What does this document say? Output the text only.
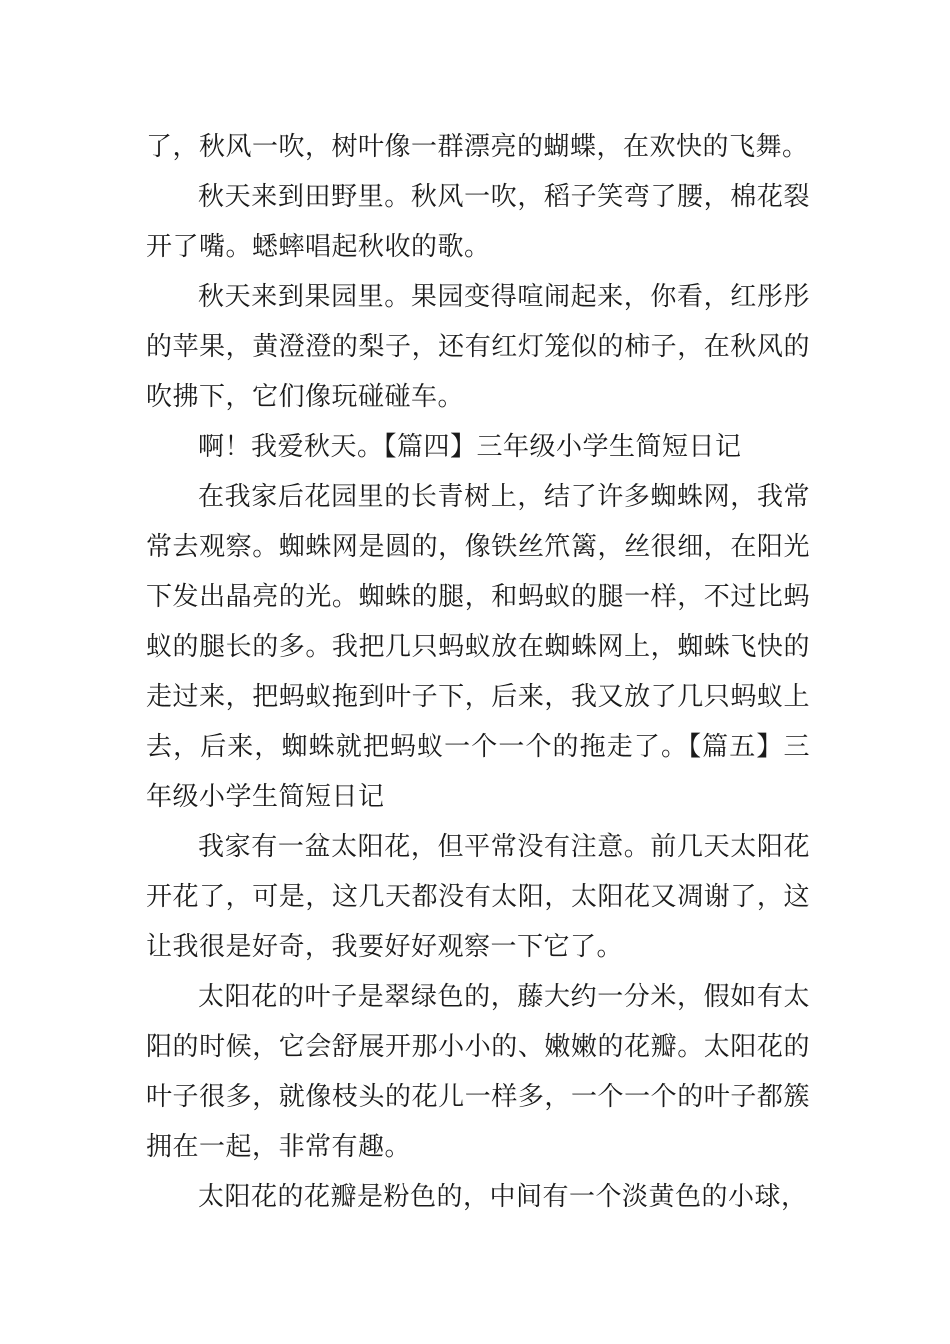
了，秋风一吹，树叶像一群漂亮的蝴蝶，在欢快的飞舞。

秋天来到田野里。秋风一吹，稻子笑弯了腰，棉花裂开了嘴。蟋蟀唱起秋收的歌。

秋天来到果园里。果园变得喧闹起来，你看，红彤彤的苹果，黄澄澄的梨子，还有红灯笼似的柿子，在秋风的吹拂下，它们像玩碰碰车。

啊！我爱秋天。【篇四】三年级小学生简短日记

在我家后花园里的长青树上，结了许多蜘蛛网，我常常去观察。蜘蛛网是圆的，像铁丝笊篱，丝很细，在阳光下发出晶亮的光。蜘蛛的腿，和蚂蚁的腿一样，不过比蚂蚁的腿长的多。我把几只蚂蚁放在蜘蛛网上，蜘蛛飞快的走过来，把蚂蚁拖到叶子下，后来，我又放了几只蚂蚁上去，后来，蜘蛛就把蚂蚁一个一个的拖走了。【篇五】三年级小学生简短日记

我家有一盆太阳花，但平常没有注意。前几天太阳花开花了，可是，这几天都没有太阳，太阳花又凋谢了，这让我很是好奇，我要好好观察一下它了。

太阳花的叶子是翠绿色的，藤大约一分米，假如有太阳的时候，它会舒展开那小小的、嫩嫩的花瓣。太阳花的叶子很多，就像枝头的花儿一样多，一个一个的叶子都簇拥在一起，非常有趣。

太阳花的花瓣是粉色的，中间有一个淡黄色的小球，
